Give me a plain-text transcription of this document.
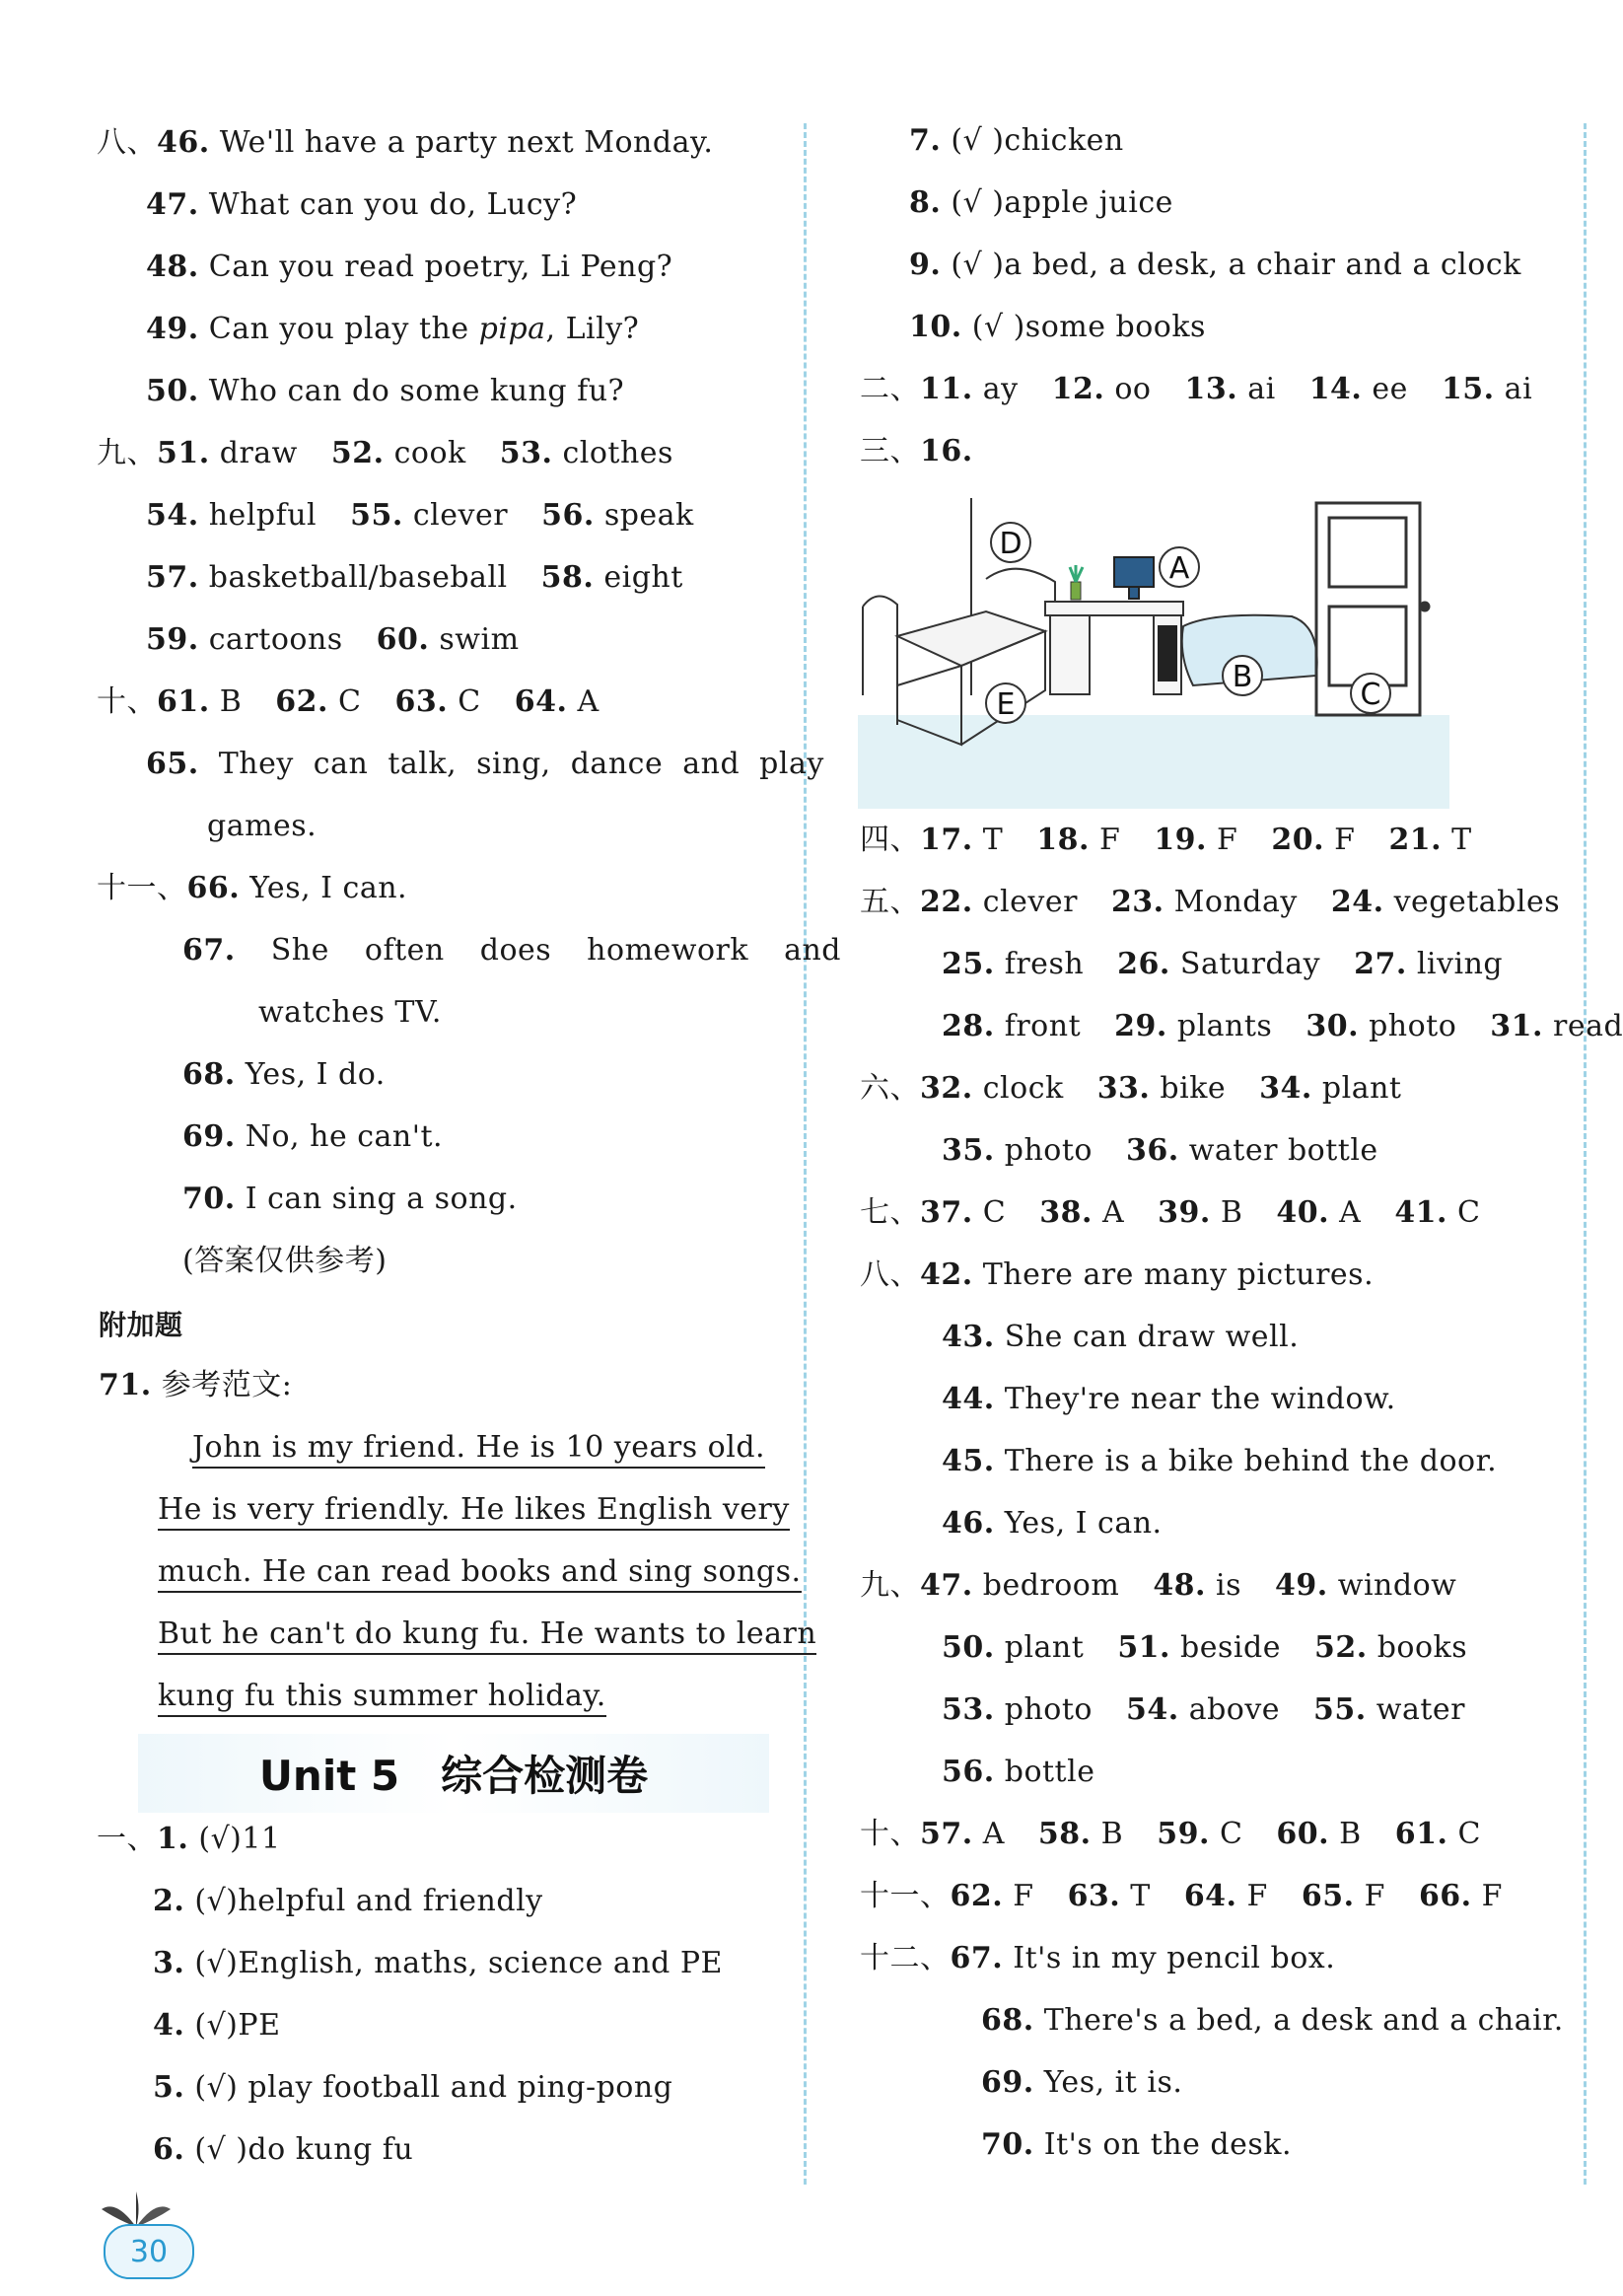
八、46. We'll have a party next Monday.
47. What can you do, Lucy?
48. Can you read poetry, Li Peng?
49. Can you play the pipa, Lily?
50. Who can do some kung fu?
九、51. draw 52. cook 53. clothes
54. helpful 55. clever 56. speak
57. basketball/baseball 58. eight
59. cartoons 60. swim
十、61. B 62. C 63. C 64. A
65. They can talk, sing, dance and play
games.
十一、66. Yes, I can.
67. She often does homework and
watches TV.
68. Yes, I do.
69. No, he can't.
70. I can sing a song.
(答案仅供参考)
附加题
71. 参考范文:
John is my friend. He is 10 years old.
He is very friendly. He likes English very
much. He can read books and sing songs.
But he can't do kung fu. He wants to learn
kung fu this summer holiday.
一、1. (√)11
2. (√)helpful and friendly
3. (√)English, maths, science and PE
4. (√)PE
5. (√) play football and ping-pong
6. (√ )do kung fu
Unit 5　综合检测卷
7. (√ )chicken
8. (√ )apple juice
9. (√ )a bed, a desk, a chair and a clock
10. (√ )some books
二、11. ay 12. oo 13. ai 14. ee 15. ai
三、16.
四、17. T 18. F 19. F 20. F 21. T
五、22. clever 23. Monday 24. vegetables
25. fresh 26. Saturday 27. living
28. front 29. plants 30. photo 31. read
六、32. clock 33. bike 34. plant
35. photo 36. water bottle
七、37. C 38. A 39. B 40. A 41. C
八、42. There are many pictures.
43. She can draw well.
44. They're near the window.
45. There is a bike behind the door.
46. Yes, I can.
九、47. bedroom 48. is 49. window
50. plant 51. beside 52. books
53. photo 54. above 55. water
56. bottle
十、57. A 58. B 59. C 60. B 61. C
十一、62. F 63. T 64. F 65. F 66. F
十二、67. It's in my pencil box.
68. There's a bed, a desk and a chair.
69. Yes, it is.
70. It's on the desk.
D
A
B
E	C
30
